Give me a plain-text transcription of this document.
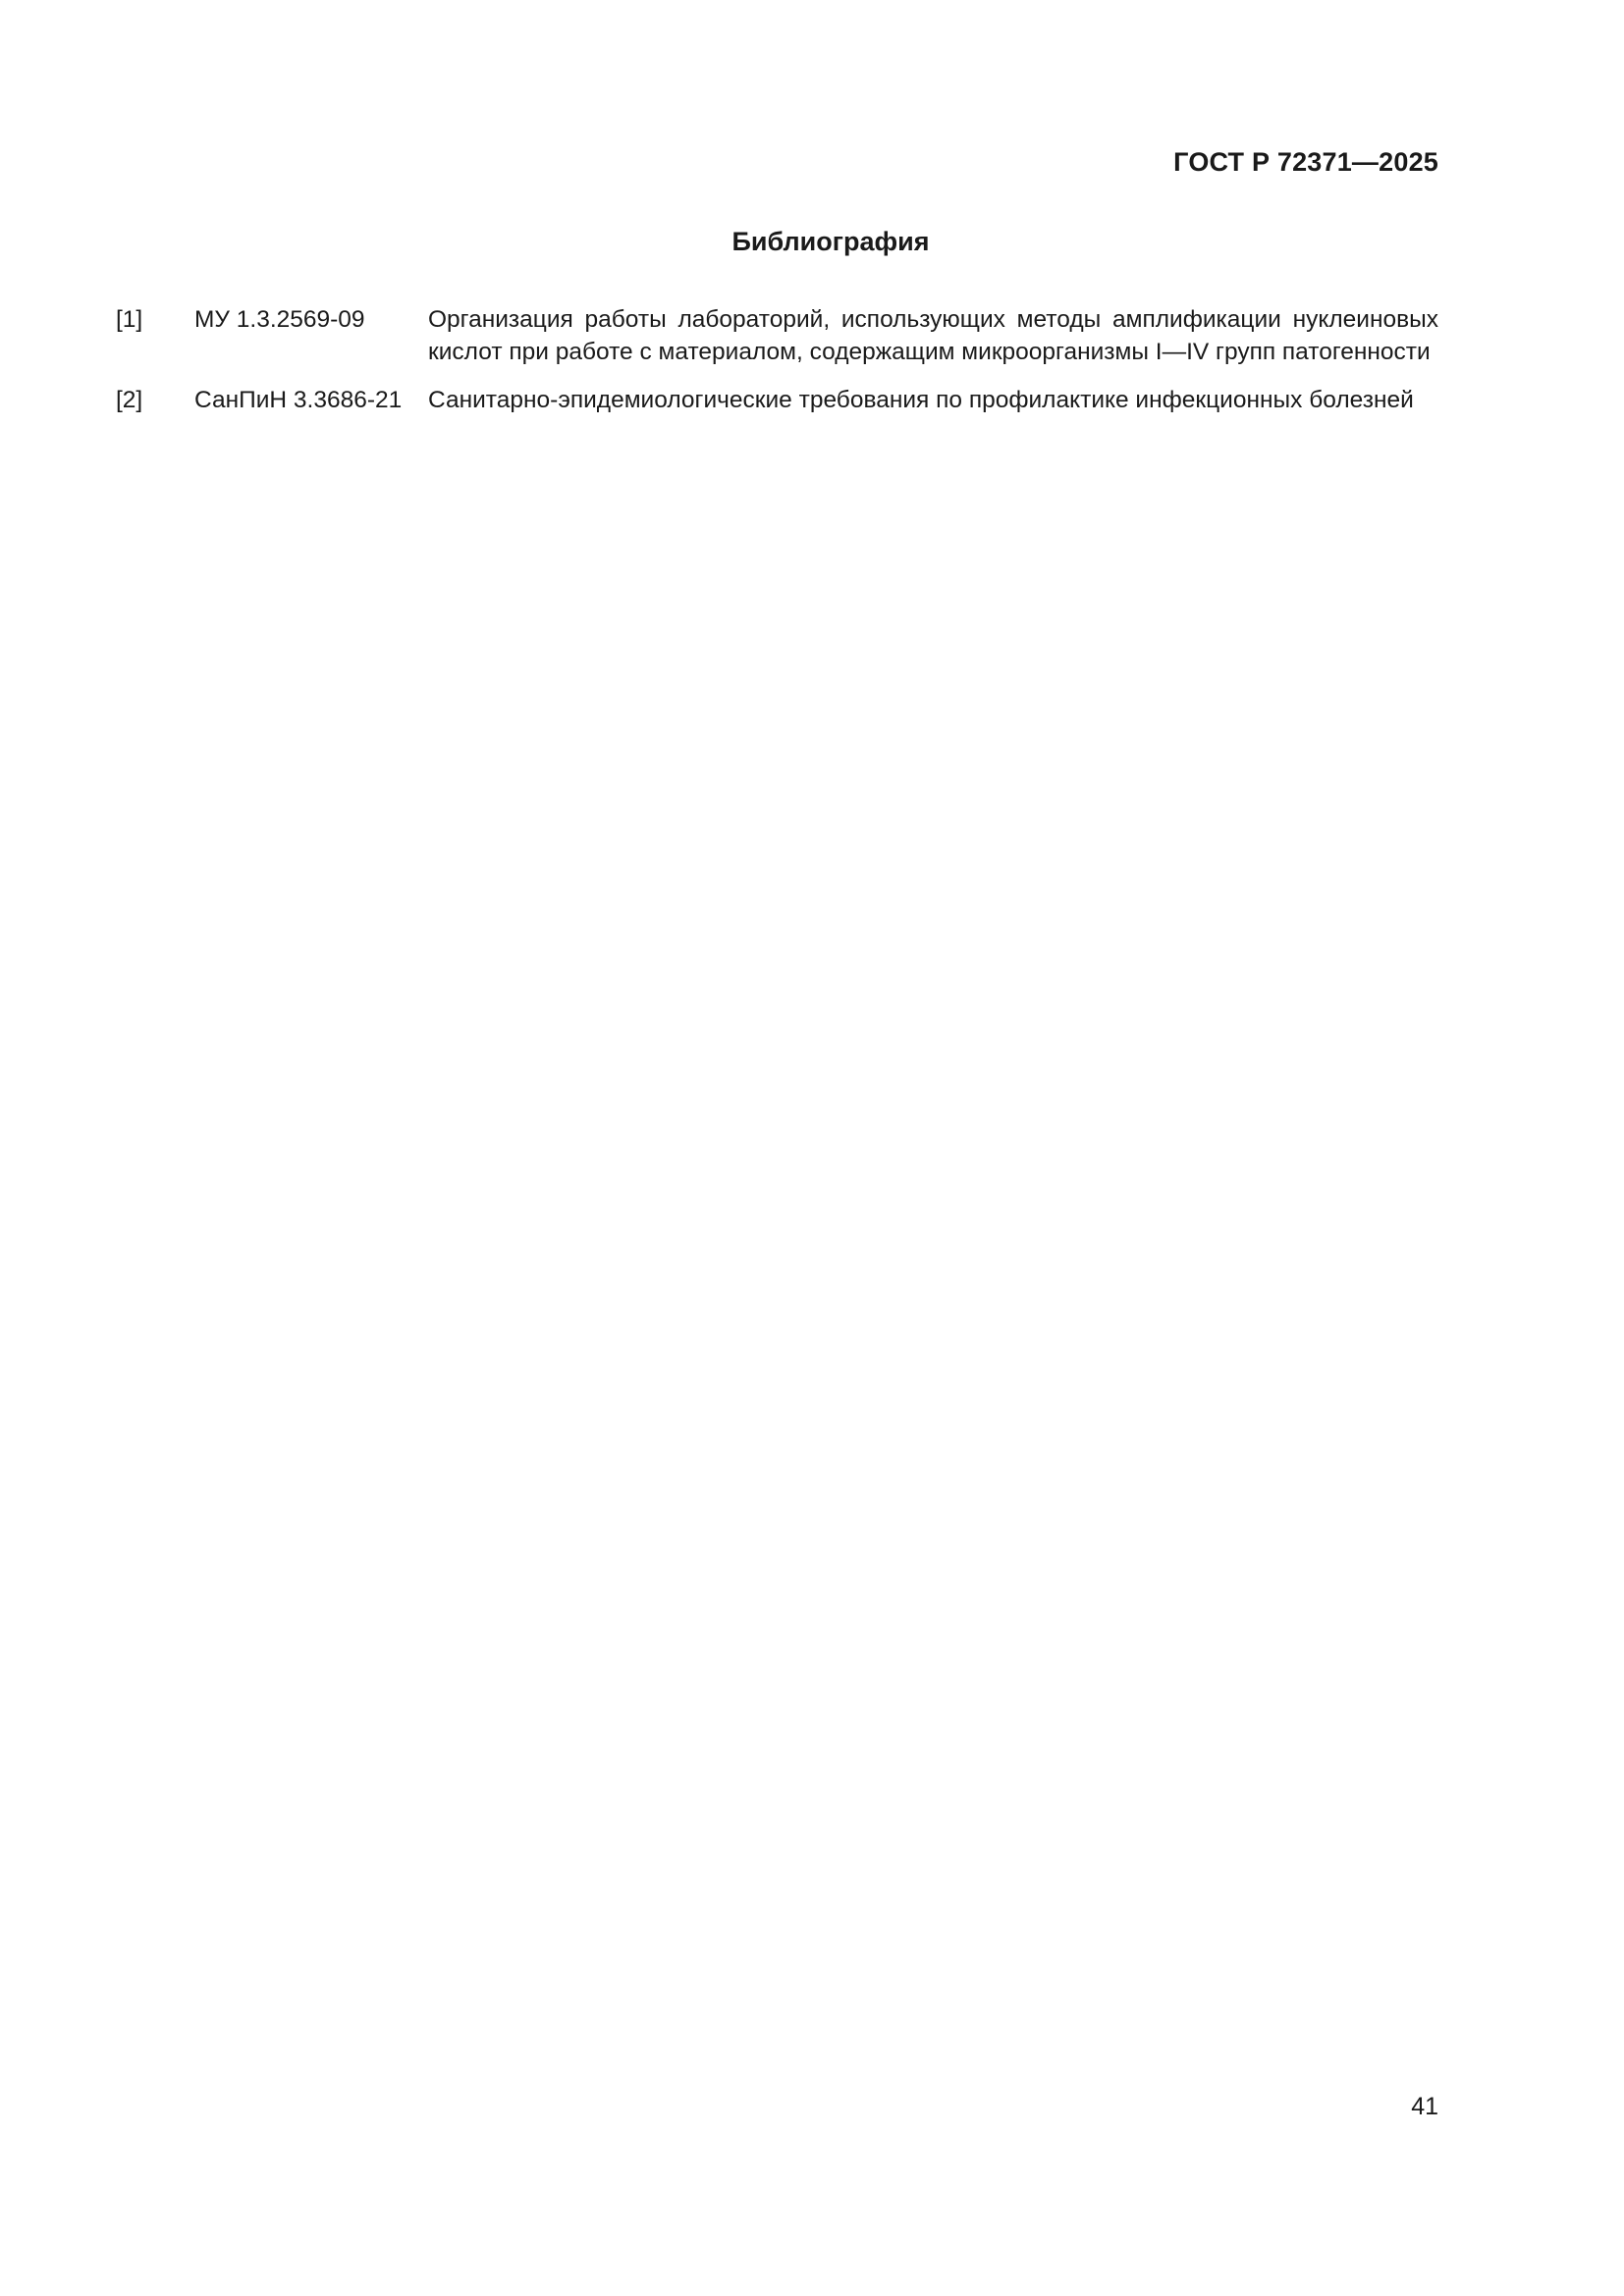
ГОСТ Р 72371—2025
Библиография
[1] МУ 1.3.2569-09	Организация работы лабораторий, использующих методы амплификации нуклеиновых кислот при работе с материалом, содержащим микроорганизмы I—IV групп патогенности
[2] СанПиН 3.3686-21 Санитарно-эпидемиологические требования по профилактике инфекционных болезней
41
